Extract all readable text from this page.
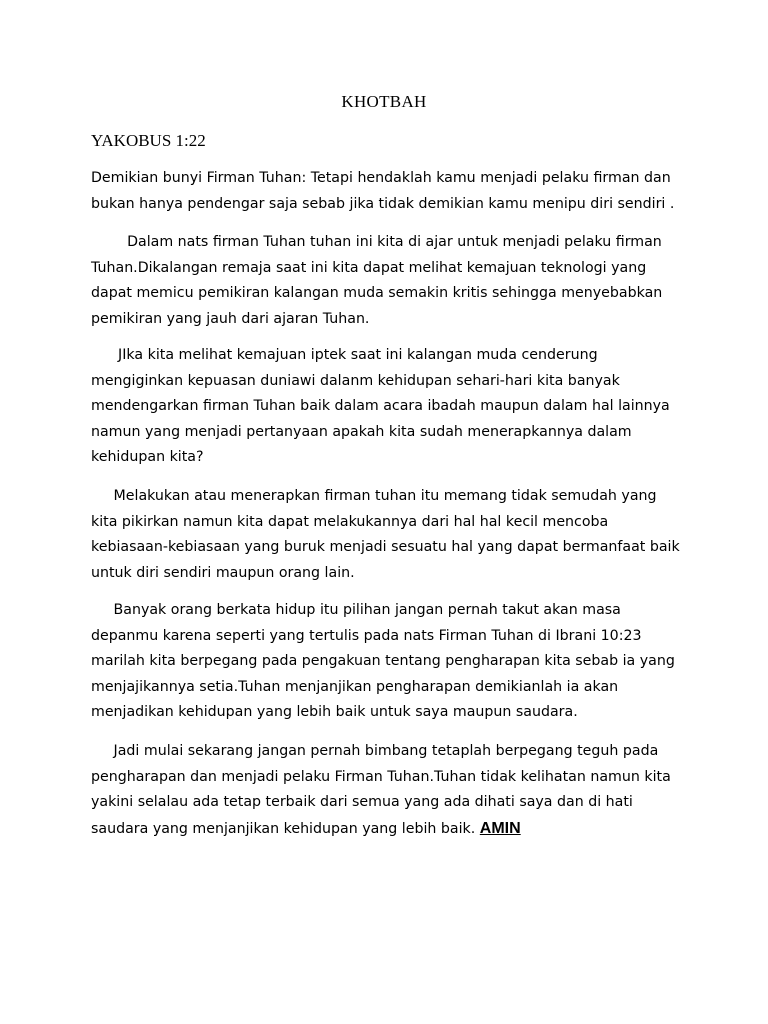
KHOTBAH
YAKOBUS 1:22

Demikian bunyi Firman Tuhan: Tetapi hendaklah kamu menjadi pelaku firman dan
bukan hanya pendengar saja sebab jika tidak demikian kamu menipu diri sendiri .

Dalam nats firman Tuhan tuhan ini kita di ajar untuk menjadi pelaku firman
Tuhan.Dikalangan remaja saat ini kita dapat melihat kemajuan teknologi yang
dapat memicu pemikiran kalangan muda semakin kritis sehingga menyebabkan
pemikiran yang jauh dari ajaran Tuhan.

JIka kita melihat kemajuan iptek saat ini kalangan muda cenderung
mengiginkan kepuasan duniawi dalanm kehidupan sehari-hari kita banyak
mendengarkan firman Tuhan baik dalam acara ibadah maupun dalam hal lainnya
namun yang menjadi pertanyaan apakah kita sudah menerapkannya dalam
kehidupan kita?

Melakukan atau menerapkan firman tuhan itu memang tidak semudah yang
kita pikirkan namun kita dapat melakukannya dari hal hal kecil mencoba
kebiasaan-kebiasaan yang buruk menjadi sesuatu hal yang dapat bermanfaat baik
untuk diri sendiri maupun orang lain.

Banyak orang berkata hidup itu pilihan jangan pernah takut akan masa
depanmu karena seperti yang tertulis pada nats Firman Tuhan di Ibrani 10:23
marilah kita berpegang pada pengakuan tentang pengharapan kita sebab ia yang
menjajikannya setia.Tuhan menjanjikan pengharapan demikianlah ia akan
menjadikan kehidupan yang lebih baik untuk saya maupun saudara.

Jadi mulai sekarang jangan pernah bimbang tetaplah berpegang teguh pada
pengharapan dan menjadi pelaku Firman Tuhan.Tuhan tidak kelihatan namun kita
yakini selalau ada tetap terbaik dari semua yang ada dihati saya dan di hati
saudara yang menjanjikan kehidupan yang lebih baik. AMIN
